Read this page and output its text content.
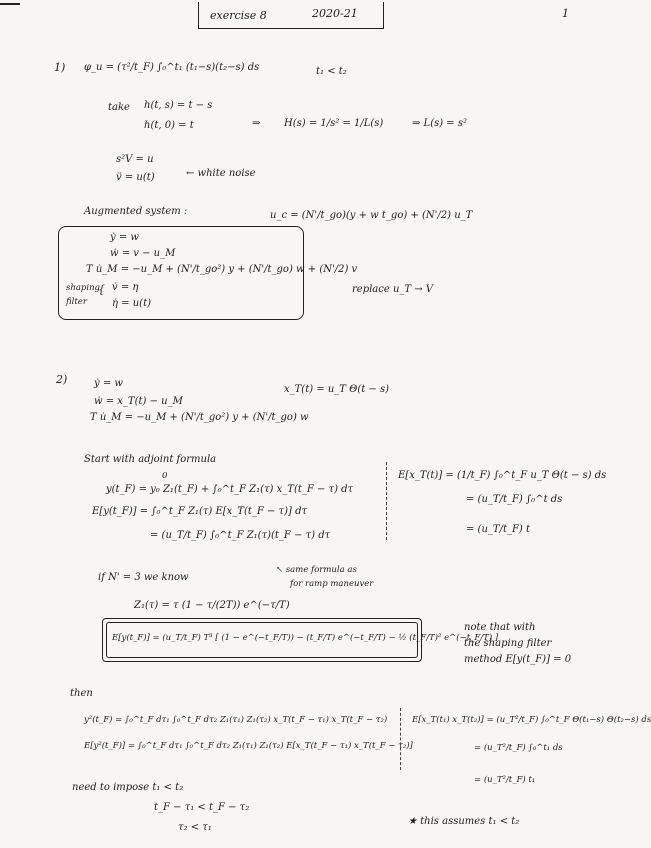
exercise 8	2020-21	1
1) φ_u = (τ²/t_F) ∫₀^t₁ (t₁−s)(t₂−s) ds	t₁ < t₂
take h(t, s) = t − s
h(t, 0) = t	⇒ H(s) = 1/s² = 1/L(s)	⇒ L(s) = s²
s²V = u
v̈ = u(t)	← white noise
Augmented system :	u_c = (N'/t_go)(y + w t_go) + (N'/2) u_T
ẏ = w
ẇ = v − u_M
T u̇_M = −u_M + (N'/t_go²) y + (N'/t_go) w + (N'/2) v
shaping
filter
{ v̇ = η
η̇ = u(t)
replace u_T → V
2)	ẏ = w
ẇ = x_T(t) − u_M
T u̇_M = −u_M + (N'/t_go²) y + (N'/t_go) w
x_T(t) = u_T Θ(t − s)
Start with adjoint formula
0
y(t_F) = y₀ Z₁(t_F) + ∫₀^t_F Z₁(τ) x_T(t_F − τ) dτ
E[y(t_F)] = ∫₀^t_F Z₁(τ) E[x_T(t_F − τ)] dτ
= (u_T/t_F) ∫₀^t_F Z₁(τ)(t_F − τ) dτ
E[x_T(t)] = (1/t_F) ∫₀^t_F u_T Θ(t − s) ds
= (u_T/t_F) ∫₀^t ds
= (u_T/t_F) t
if N' = 3 we know
↖ same formula as
for ramp maneuver
Z₁(τ) = τ (1 − τ/(2T)) e^(−τ/T)
E[y(t_F)] = (u_T/t_F) T³ [ (1 − e^(−t_F/T)) − (t_F/T) e^(−t_F/T) − ½ (t_F/T)² e^(−t_F/T) ]
note that with
the shaping filter
method E[y(t_F)] = 0
then
y²(t_F) = ∫₀^t_F dτ₁ ∫₀^t_F dτ₂ Z₁(τ₁) Z₁(τ₂) x_T(t_F − τ₁) x_T(t_F − τ₂)
E[y²(t_F)] = ∫₀^t_F dτ₁ ∫₀^t_F dτ₂ Z₁(τ₁) Z₁(τ₂) E[x_T(t_F − τ₁) x_T(t_F − τ₂)]
E[x_T(t₁) x_T(t₂)] = (u_T²/t_F) ∫₀^t_F Θ(t₁−s) Θ(t₂−s) ds
= (u_T²/t_F) ∫₀^t₁ ds
= (u_T²/t_F) t₁
need to impose t₁ < t₂
t_F − τ₁ < t_F − τ₂
τ₂ < τ₁
★ this assumes t₁ < t₂
